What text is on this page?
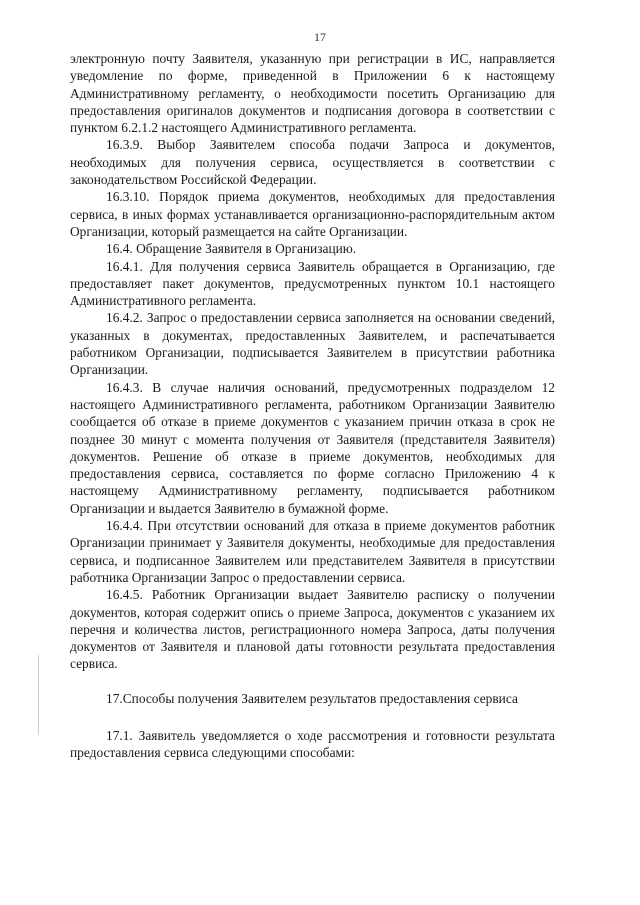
17

электронную почту Заявителя, указанную при регистрации в ИС, направляется уведомление по форме, приведенной в Приложении 6 к настоящему Административному регламенту, о необходимости посетить Организацию для предоставления оригиналов документов и подписания договора в соответствии с пунктом 6.2.1.2 настоящего Административного регламента.

16.3.9. Выбор Заявителем способа подачи Запроса и документов, необходимых для получения сервиса, осуществляется в соответствии с законодательством Российской Федерации.

16.3.10. Порядок приема документов, необходимых для предоставления сервиса, в иных формах устанавливается организационно-распорядительным актом Организации, который размещается на сайте Организации.

16.4. Обращение Заявителя в Организацию.

16.4.1. Для получения сервиса Заявитель обращается в Организацию, где предоставляет пакет документов, предусмотренных пунктом 10.1 настоящего Административного регламента.

16.4.2. Запрос о предоставлении сервиса заполняется на основании сведений, указанных в документах, предоставленных Заявителем, и распечатывается работником Организации, подписывается Заявителем в присутствии работника Организации.

16.4.3. В случае наличия оснований, предусмотренных подразделом 12 настоящего Административного регламента, работником Организации Заявителю сообщается об отказе в приеме документов с указанием причин отказа в срок не позднее 30 минут с момента получения от Заявителя (представителя Заявителя) документов. Решение об отказе в приеме документов, необходимых для предоставления сервиса, составляется по форме согласно Приложению 4 к настоящему Административному регламенту, подписывается работником Организации и выдается Заявителю в бумажной форме.

16.4.4. При отсутствии оснований для отказа в приеме документов работник Организации принимает у Заявителя документы, необходимые для предоставления сервиса, и подписанное Заявителем или представителем Заявителя в присутствии работника Организации Запрос о предоставлении сервиса.

16.4.5. Работник Организации выдает Заявителю расписку о получении документов, которая содержит опись о приеме Запроса, документов с указанием их перечня и количества листов, регистрационного номера Запроса, даты получения документов от Заявителя и плановой даты готовности результата предоставления сервиса.

17.Способы получения Заявителем результатов предоставления сервиса

17.1. Заявитель уведомляется о ходе рассмотрения и готовности результата предоставления сервиса следующими способами:
